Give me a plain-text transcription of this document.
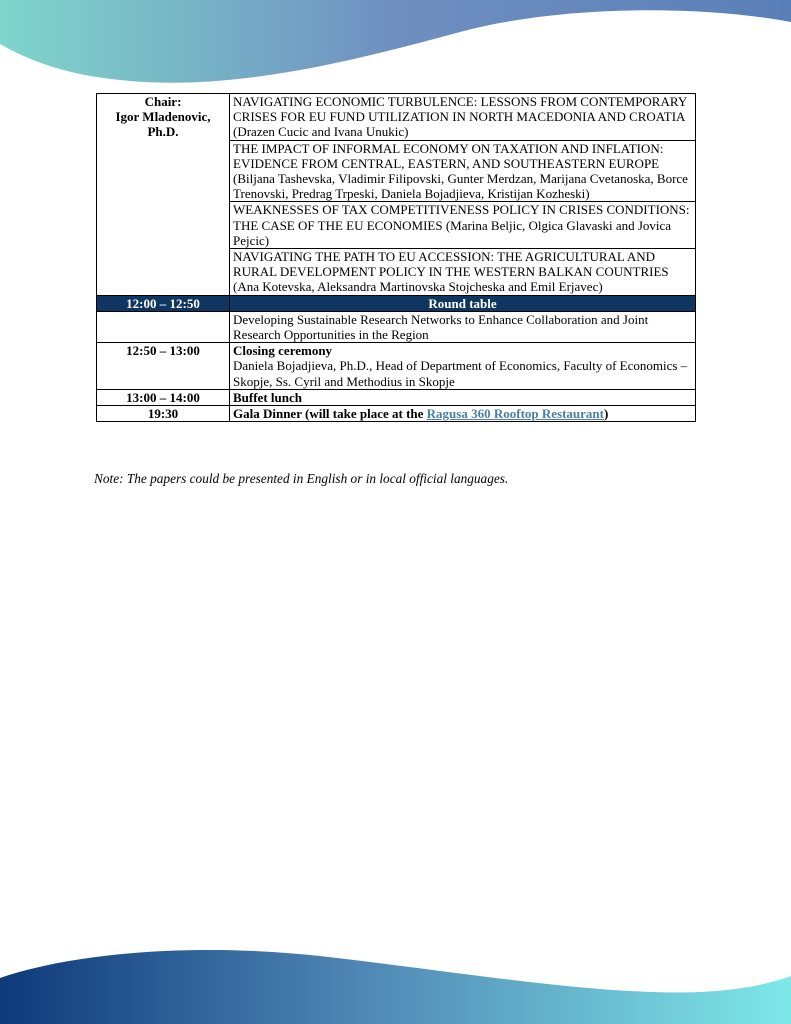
Chair:
Igor Mladenovic,
Ph.D.	NAVIGATING ECONOMIC TURBULENCE: LESSONS FROM CONTEMPORARY CRISES FOR EU FUND UTILIZATION IN NORTH MACEDONIA AND CROATIA (Drazen Cucic and Ivana Unukic)
	THE IMPACT OF INFORMAL ECONOMY ON TAXATION AND INFLATION: EVIDENCE FROM CENTRAL, EASTERN, AND SOUTHEASTERN EUROPE (Biljana Tashevska, Vladimir Filipovski, Gunter Merdzan, Marijana Cvetanoska, Borce Trenovski, Predrag Trpeski, Daniela Bojadjieva, Kristijan Kozheski)
	WEAKNESSES OF TAX COMPETITIVENESS POLICY IN CRISES CONDITIONS: THE CASE OF THE EU ECONOMIES (Marina Beljic, Olgica Glavaski and Jovica Pejcic)
	NAVIGATING THE PATH TO EU ACCESSION: THE AGRICULTURAL AND RURAL DEVELOPMENT POLICY IN THE WESTERN BALKAN COUNTRIES (Ana Kotevska, Aleksandra Martinovska Stojcheska and Emil Erjavec)
12:00 – 12:50	Round table
	Developing Sustainable Research Networks to Enhance Collaboration and Joint Research Opportunities in the Region
12:50 – 13:00	Closing ceremony
Daniela Bojadjieva, Ph.D., Head of Department of Economics, Faculty of Economics – Skopje, Ss. Cyril and Methodius in Skopje

13:00 – 14:00	Buffet lunch
19:30	Gala Dinner (will take place at the Ragusa 360 Rooftop Restaurant)
Note: The papers could be presented in English or in local official languages.
